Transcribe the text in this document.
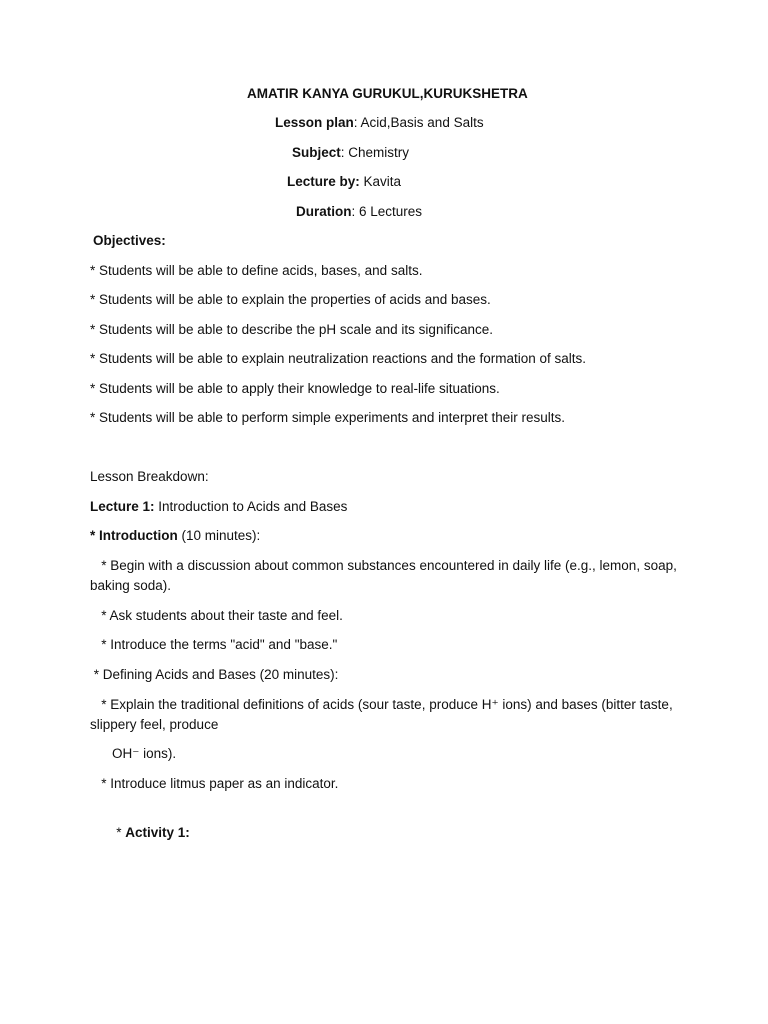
AMATIR KANYA GURUKUL,KURUKSHETRA
Lesson plan: Acid,Basis and Salts
Subject: Chemistry
Lecture by: Kavita
Duration: 6 Lectures
Objectives:
* Students will be able to define acids, bases, and salts.
* Students will be able to explain the properties of acids and bases.
* Students will be able to describe the pH scale and its significance.
* Students will be able to explain neutralization reactions and the formation of salts.
* Students will be able to apply their knowledge to real-life situations.
* Students will be able to perform simple experiments and interpret their results.
Lesson Breakdown:
Lecture 1: Introduction to Acids and Bases
* Introduction (10 minutes):
* Begin with a discussion about common substances encountered in daily life (e.g., lemon, soap, baking soda).
* Ask students about their taste and feel.
* Introduce the terms "acid" and "base."
* Defining Acids and Bases (20 minutes):
* Explain the traditional definitions of acids (sour taste, produce H⁺ ions) and bases (bitter taste, slippery feel, produce
OH⁻ ions).
* Introduce litmus paper as an indicator.

* Activity 1:
